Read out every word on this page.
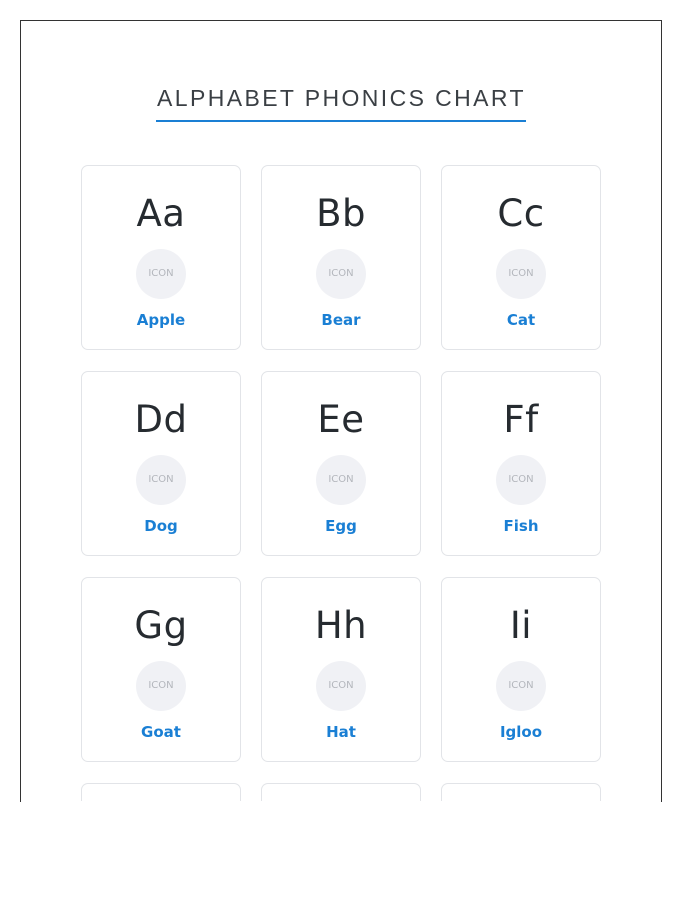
ALPHABET PHONICS CHART
Aa
ICON
Apple
Bb
ICON
Bear
Cc
ICON
Cat
Dd
ICON
Dog
Ee
ICON
Egg
Ff
ICON
Fish
Gg
ICON
Goat
Hh
ICON
Hat
Ii
ICON
Igloo
